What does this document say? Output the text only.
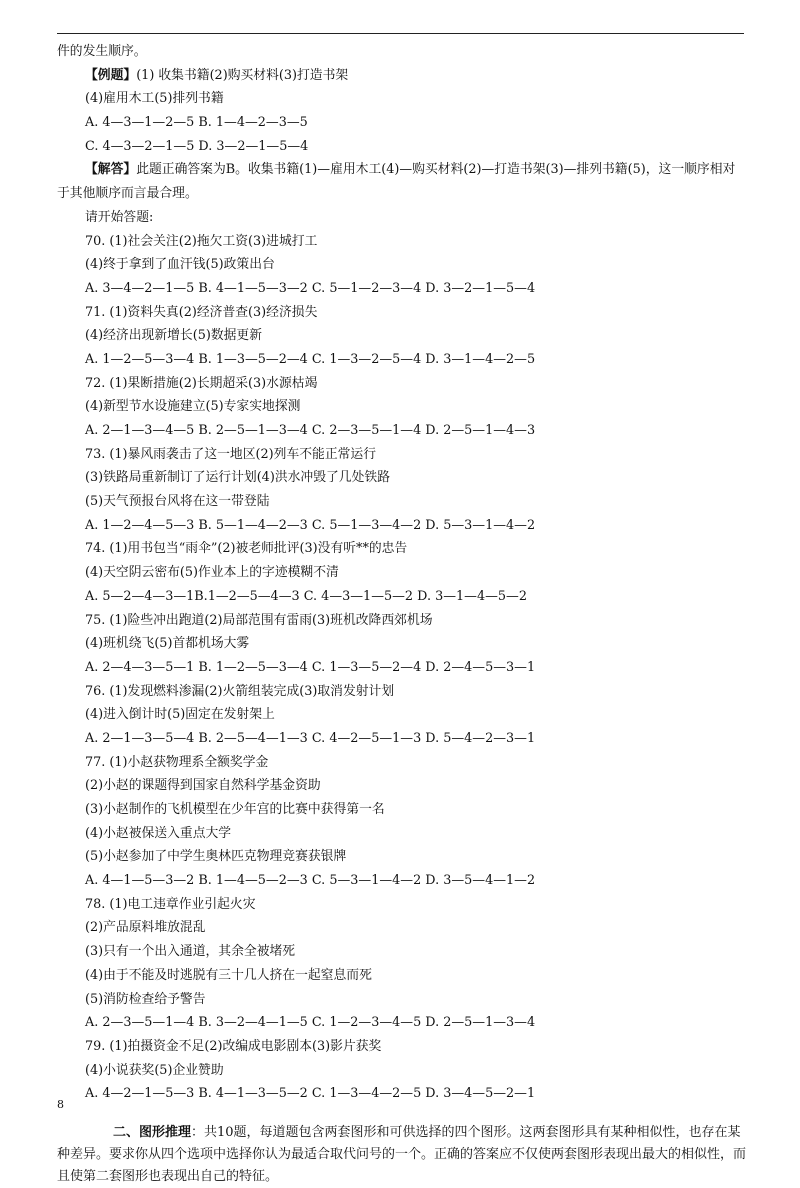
件的发生顺序。
【例题】(1) 收集书籍(2)购买材料(3)打造书架
(4)雇用木工(5)排列书籍
A. 4—3—1—2—5 B. 1—4—2—3—5
C. 4—3—2—1—5 D. 3—2—1—5—4
【解答】此题正确答案为B。收集书籍(1)—雇用木工(4)—购买材料(2)—打造书架(3)—排列书籍(5)，这一顺序相对于其他顺序而言最合理。
请开始答题:
70. (1)社会关注(2)拖欠工资(3)进城打工
(4)终于拿到了血汗钱(5)政策出台
A. 3—4—2—1—5 B. 4—1—5—3—2 C. 5—1—2—3—4 D. 3—2—1—5—4
71. (1)资料失真(2)经济普查(3)经济损失
(4)经济出现新增长(5)数据更新
A. 1—2—5—3—4 B. 1—3—5—2—4 C. 1—3—2—5—4 D. 3—1—4—2—5
72. (1)果断措施(2)长期超采(3)水源枯竭
(4)新型节水设施建立(5)专家实地探测
A. 2—1—3—4—5 B. 2—5—1—3—4 C. 2—3—5—1—4 D. 2—5—1—4—3
73. (1)暴风雨袭击了这一地区(2)列车不能正常运行
(3)铁路局重新制订了运行计划(4)洪水冲毁了几处铁路
(5)天气预报台风将在这一带登陆
A. 1—2—4—5—3 B. 5—1—4—2—3 C. 5—1—3—4—2 D. 5—3—1—4—2
74. (1)用书包当“雨伞”(2)被老师批评(3)没有听**的忠告
(4)天空阴云密布(5)作业本上的字迹模糊不清
A. 5—2—4—3—1B.1—2—5—4—3 C. 4—3—1—5—2 D. 3—1—4—5—2
75. (1)险些冲出跑道(2)局部范围有雷雨(3)班机改降西郊机场
(4)班机绕飞(5)首都机场大雾
A. 2—4—3—5—1 B. 1—2—5—3—4 C. 1—3—5—2—4 D. 2—4—5—3—1
76. (1)发现燃料渗漏(2)火箭组装完成(3)取消发射计划
(4)进入倒计时(5)固定在发射架上
A. 2—1—3—5—4 B. 2—5—4—1—3 C. 4—2—5—1—3 D. 5—4—2—3—1
77. (1)小赵获物理系全额奖学金
(2)小赵的课题得到国家自然科学基金资助
(3)小赵制作的飞机模型在少年宫的比赛中获得第一名
(4)小赵被保送入重点大学
(5)小赵参加了中学生奥林匹克物理竞赛获银牌
A. 4—1—5—3—2 B. 1—4—5—2—3 C. 5—3—1—4—2 D. 3—5—4—1—2
78. (1)电工违章作业引起火灾
(2)产品原料堆放混乱
(3)只有一个出入通道，其余全被堵死
(4)由于不能及时逃脱有三十几人挤在一起窒息而死
(5)消防检查给予警告
A. 2—3—5—1—4 B. 3—2—4—1—5 C. 1—2—3—4—5 D. 2—5—1—3—4
79. (1)拍摄资金不足(2)改编成电影剧本(3)影片获奖
(4)小说获奖(5)企业赞助
A. 4—2—1—5—3 B. 4—1—3—5—2 C. 1—3—4—2—5 D. 3—4—5—2—1
二、图形推理：共10题，每道题包含两套图形和可供选择的四个图形。这两套图形具有某种相似性，也存在某种差异。要求你从四个选项中选择你认为最适合取代问号的一个。正确的答案应不仅使两套图形表现出最大的相似性，而且使第二套图形也表现出自己的特征。
8
